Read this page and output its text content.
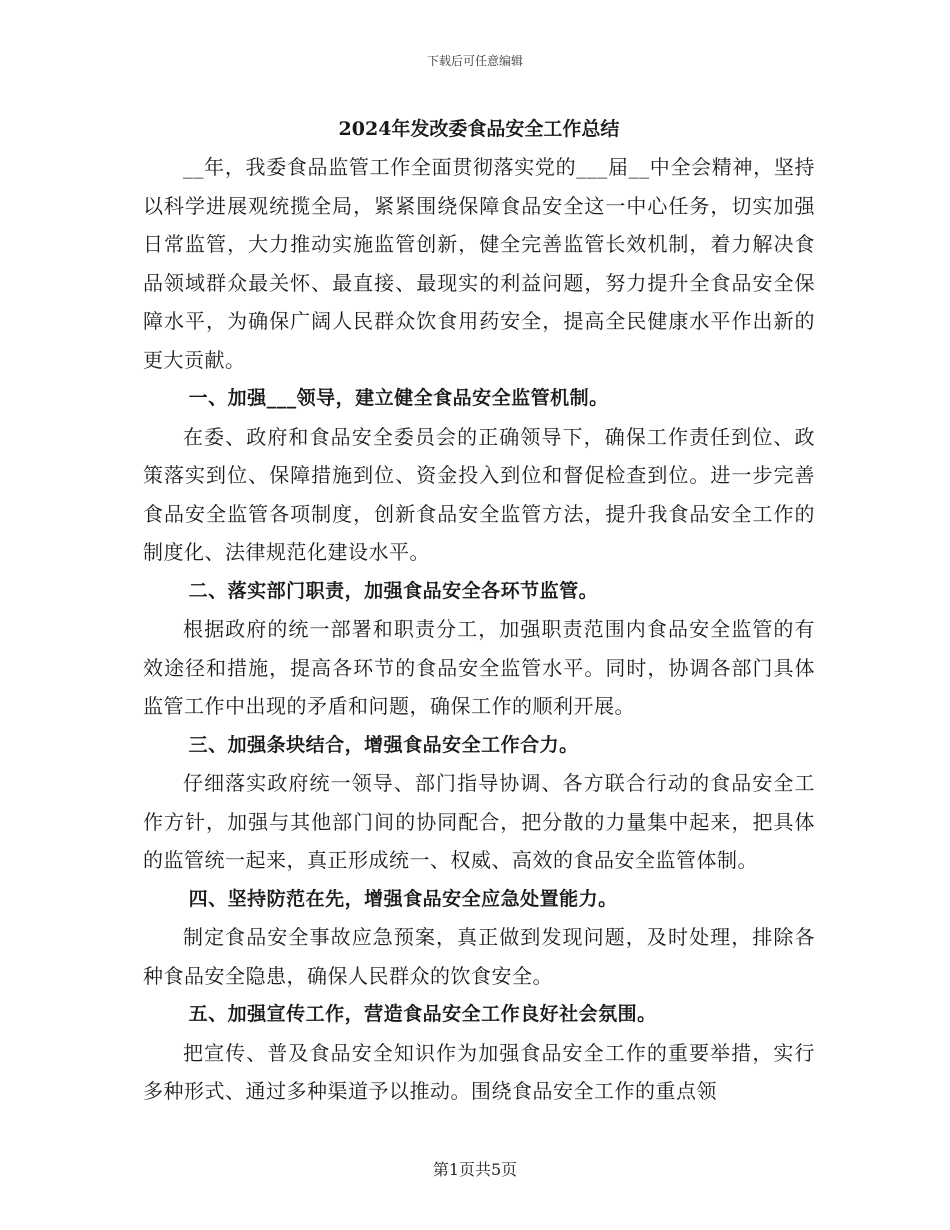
下载后可任意编辑
2024年发改委食品安全工作总结

__年，我委食品监管工作全面贯彻落实党的___届__中全会精神，坚持以科学进展观统揽全局，紧紧围绕保障食品安全这一中心任务，切实加强日常监管，大力推动实施监管创新，健全完善监管长效机制，着力解决食品领域群众最关怀、最直接、最现实的利益问题，努力提升全食品安全保障水平，为确保广阔人民群众饮食用药安全，提高全民健康水平作出新的更大贡献。

一、加强___领导，建立健全食品安全监管机制。

在委、政府和食品安全委员会的正确领导下，确保工作责任到位、政策落实到位、保障措施到位、资金投入到位和督促检查到位。进一步完善食品安全监管各项制度，创新食品安全监管方法，提升我食品安全工作的制度化、法律规范化建设水平。

二、落实部门职责，加强食品安全各环节监管。

根据政府的统一部署和职责分工，加强职责范围内食品安全监管的有效途径和措施，提高各环节的食品安全监管水平。同时，协调各部门具体监管工作中出现的矛盾和问题，确保工作的顺利开展。

三、加强条块结合，增强食品安全工作合力。

仔细落实政府统一领导、部门指导协调、各方联合行动的食品安全工作方针，加强与其他部门间的协同配合，把分散的力量集中起来，把具体的监管统一起来，真正形成统一、权威、高效的食品安全监管体制。

四、坚持防范在先，增强食品安全应急处置能力。

制定食品安全事故应急预案，真正做到发现问题，及时处理，排除各种食品安全隐患，确保人民群众的饮食安全。

五、加强宣传工作，营造食品安全工作良好社会氛围。

把宣传、普及食品安全知识作为加强食品安全工作的重要举措，实行多种形式、通过多种渠道予以推动。围绕食品安全工作的重点领

第1页共5页
